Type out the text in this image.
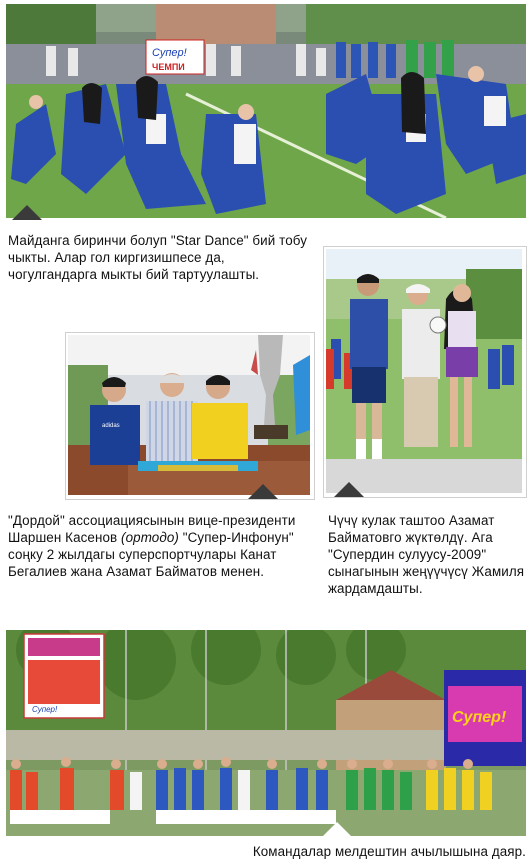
Супер!
ЧЕМПИ
Майданга биринчи болуп "Star Dance" бий тобу чыкты. Алар гол киргизишпесе да, чогулгандарга мыкты бий тартуулашты.
adidas
"Дордой" ассоциациясынын вице-президенти Шаршен Касенов (ортодо) "Супер-Инфонун" соңку 2 жылдагы суперспортчулары Канат Бегалиев жана Азамат Байматов менен.
Чүчү кулак таштоо Азамат Байматовго жүктөлдү. Ага "Супердин сулуусу-2009" сынагынын жеңүүчүсү Жамиля жардамдашты.
Супер!	Супер!
Командалар мелдештин ачылышына даяр.
